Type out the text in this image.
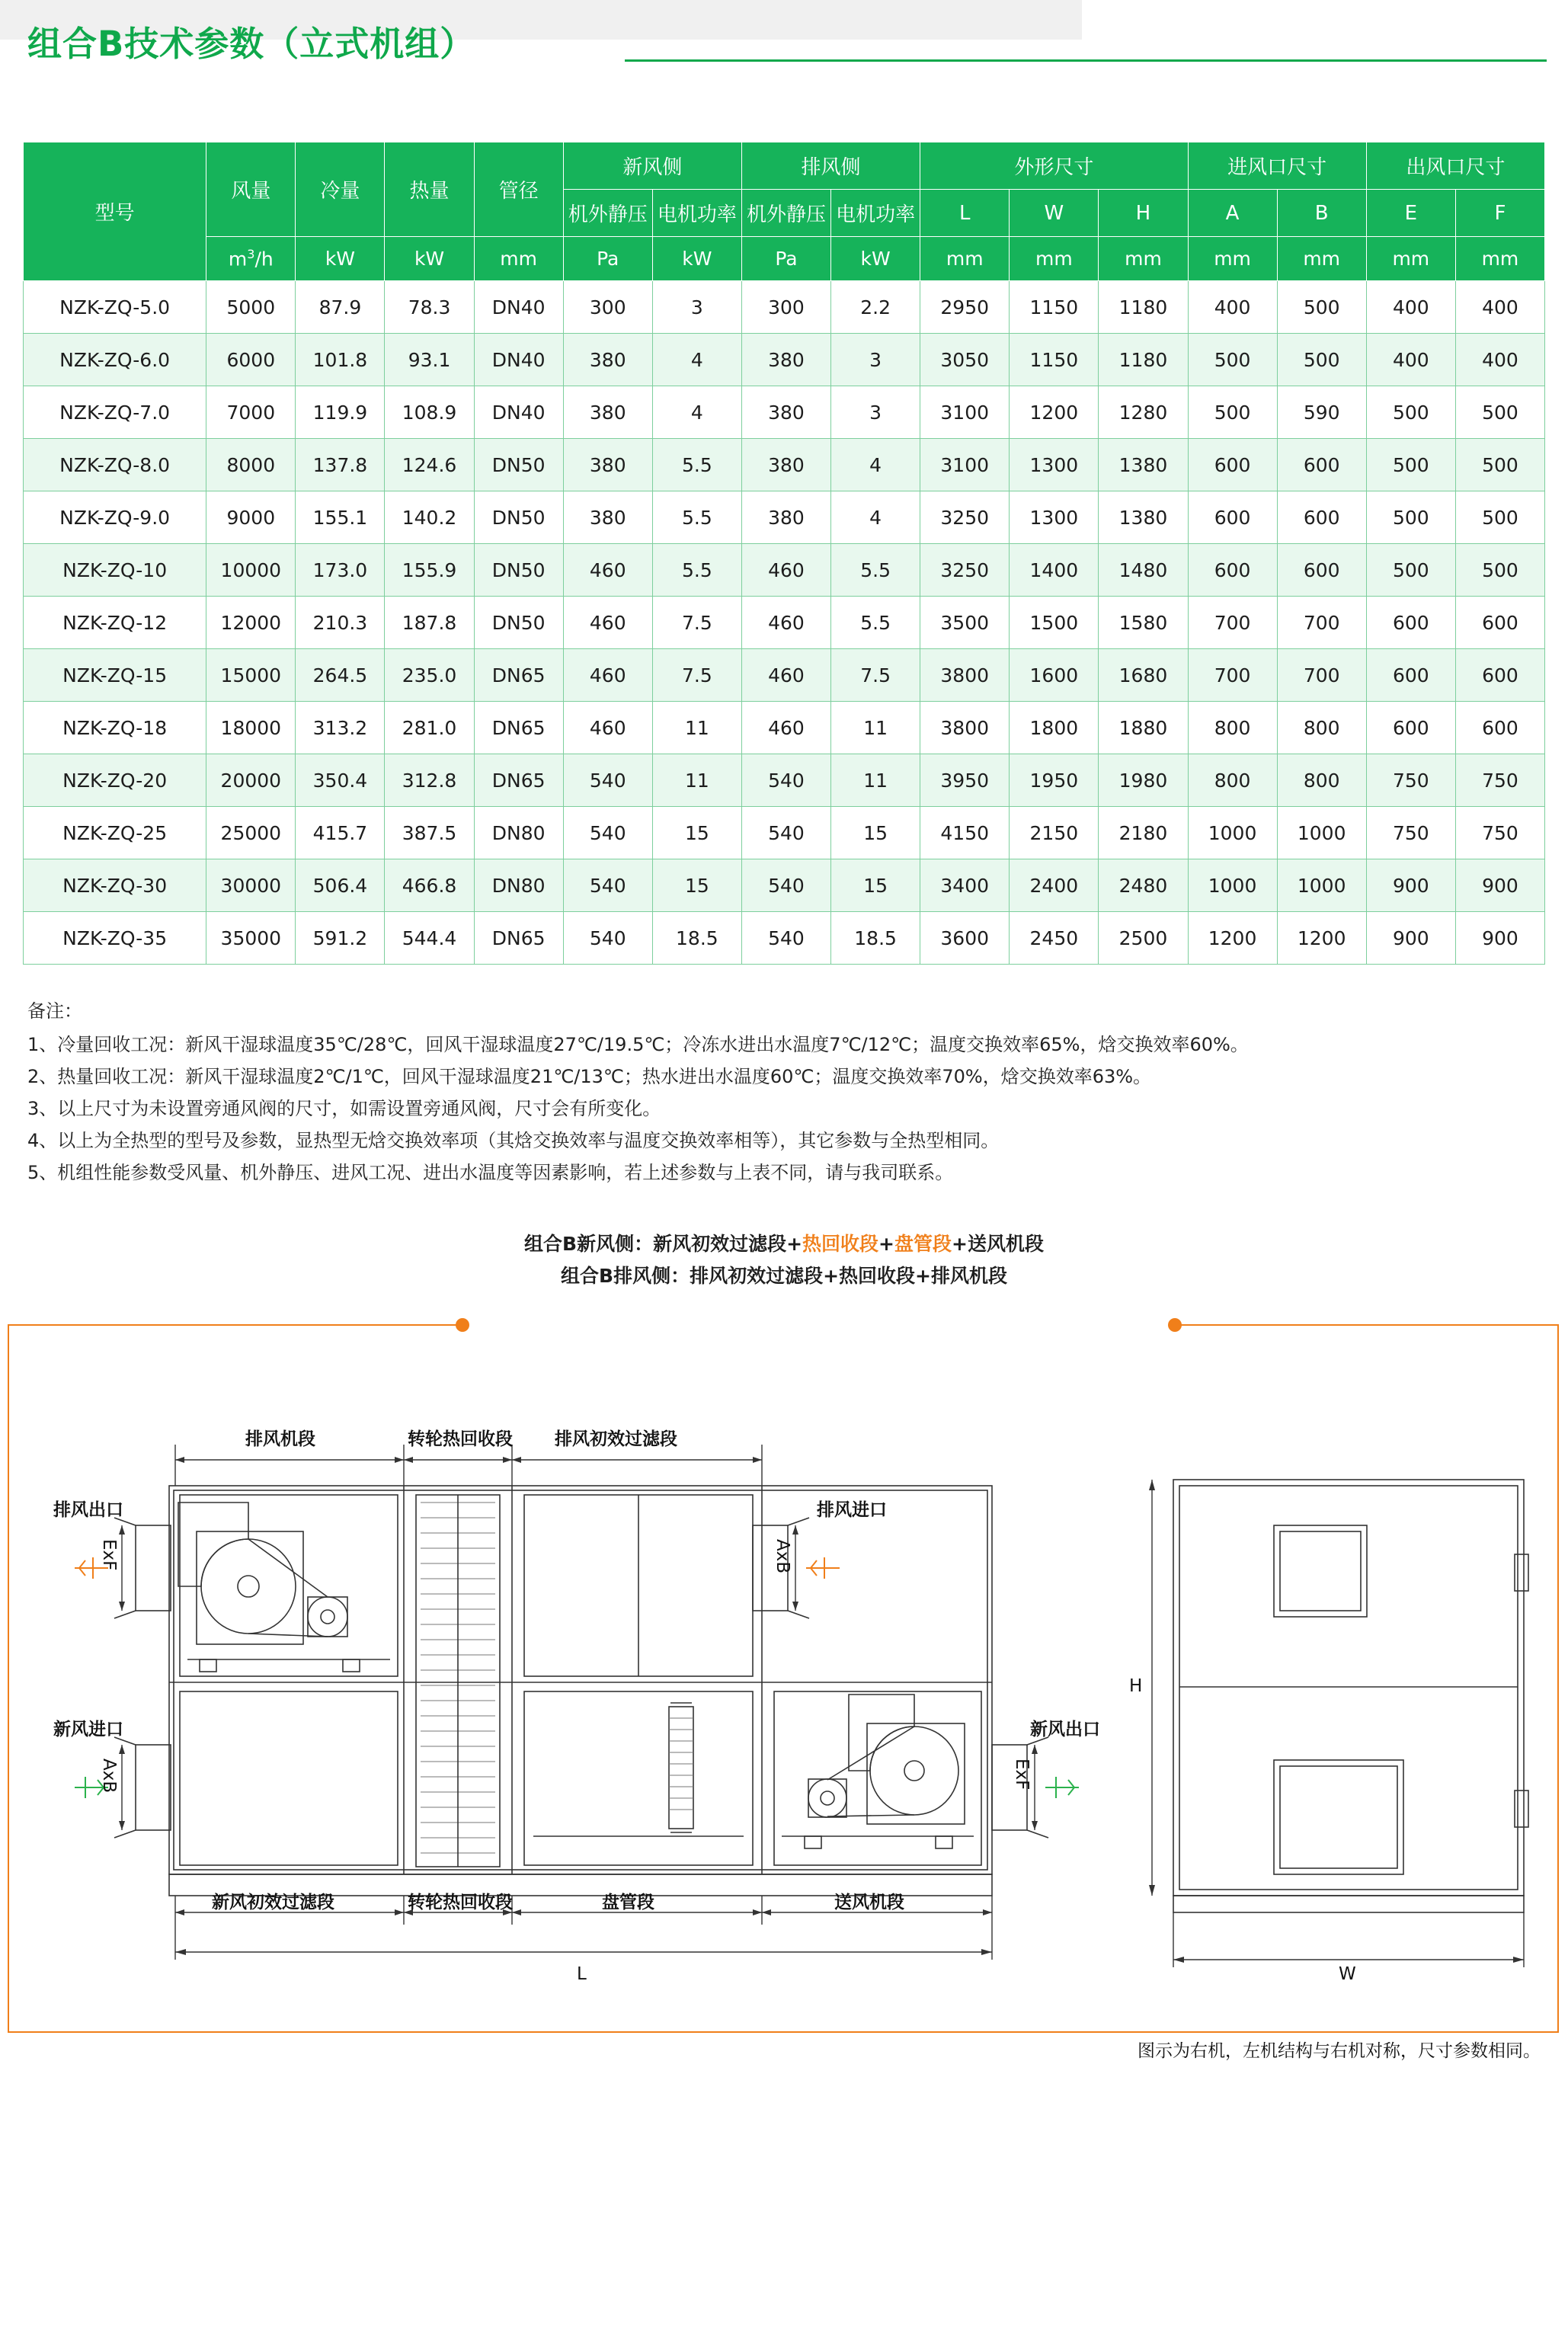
组合B技术参数（立式机组）
型号	风量	冷量	热量	管径	新风侧		排风侧		外形尺寸			进风口尺寸		出风口尺寸	
					机外静压	电机功率	机外静压	电机功率	L	W	H	A	B	E	F
	$m^3/h$	kW	kW	mm	Pa	kW	Pa	kW	mm	mm	mm	mm	mm	mm	mm
NZK-ZQ-5.0	5000	87.9	78.3	DN40	300	3	300	2.2	2950	1150	1180	400	500	400	400
NZK-ZQ-6.0	6000	101.8	93.1	DN40	380	4	380	3	3050	1150	1180	500	500	400	400
NZK-ZQ-7.0	7000	119.9	108.9	DN40	380	4	380	3	3100	1200	1280	500	590	500	500
NZK-ZQ-8.0	8000	137.8	124.6	DN50	380	5.5	380	4	3100	1300	1380	600	600	500	500
NZK-ZQ-9.0	9000	155.1	140.2	DN50	380	5.5	380	4	3250	1300	1380	600	600	500	500
NZK-ZQ-10	10000	173.0	155.9	DN50	460	5.5	460	5.5	3250	1400	1480	600	600	500	500
NZK-ZQ-12	12000	210.3	187.8	DN50	460	7.5	460	5.5	3500	1500	1580	700	700	600	600
NZK-ZQ-15	15000	264.5	235.0	DN65	460	7.5	460	7.5	3800	1600	1680	700	700	600	600
NZK-ZQ-18	18000	313.2	281.0	DN65	460	11	460	11	3800	1800	1880	800	800	600	600
NZK-ZQ-20	20000	350.4	312.8	DN65	540	11	540	11	3950	1950	1980	800	800	750	750
NZK-ZQ-25	25000	415.7	387.5	DN80	540	15	540	15	4150	2150	2180	1000	1000	750	750
NZK-ZQ-30	30000	506.4	466.8	DN80	540	15	540	15	3400	2400	2480	1000	1000	900	900
NZK-ZQ-35	35000	591.2	544.4	DN65	540	18.5	540	18.5	3600	2450	2500	1200	1200	900	900
备注：
1、冷量回收工况：新风干湿球温度35℃/28℃，回风干湿球温度27℃/19.5℃；冷冻水进出水温度7℃/12℃；温度交换效率65%，焓交换效率60%。
2、热量回收工况：新风干湿球温度2℃/1℃，回风干湿球温度21℃/13℃；热水进出水温度60℃；温度交换效率70%，焓交换效率63%。
3、以上尺寸为未设置旁通风阀的尺寸，如需设置旁通风阀，尺寸会有所变化。
4、以上为全热型的型号及参数，显热型无焓交换效率项（其焓交换效率与温度交换效率相等），其它参数与全热型相同。
5、机组性能参数受风量、机外静压、进风工况、进出水温度等因素影响，若上述参数与上表不同，请与我司联系。
组合B新风侧：新风初效过滤段+热回收段+盘管段+送风机段
组合B排风侧：排风初效过滤段+热回收段+排风机段
排风机段	转轮热回收段 排风初效过滤段
新风初效过滤段	转轮热回收段	盘管段	送风机段
排风出口	排风进口
新风进口	新风出口
ExF
AxB
AxB
ExF
L	W
H
图示为右机，左机结构与右机对称，尺寸参数相同。
